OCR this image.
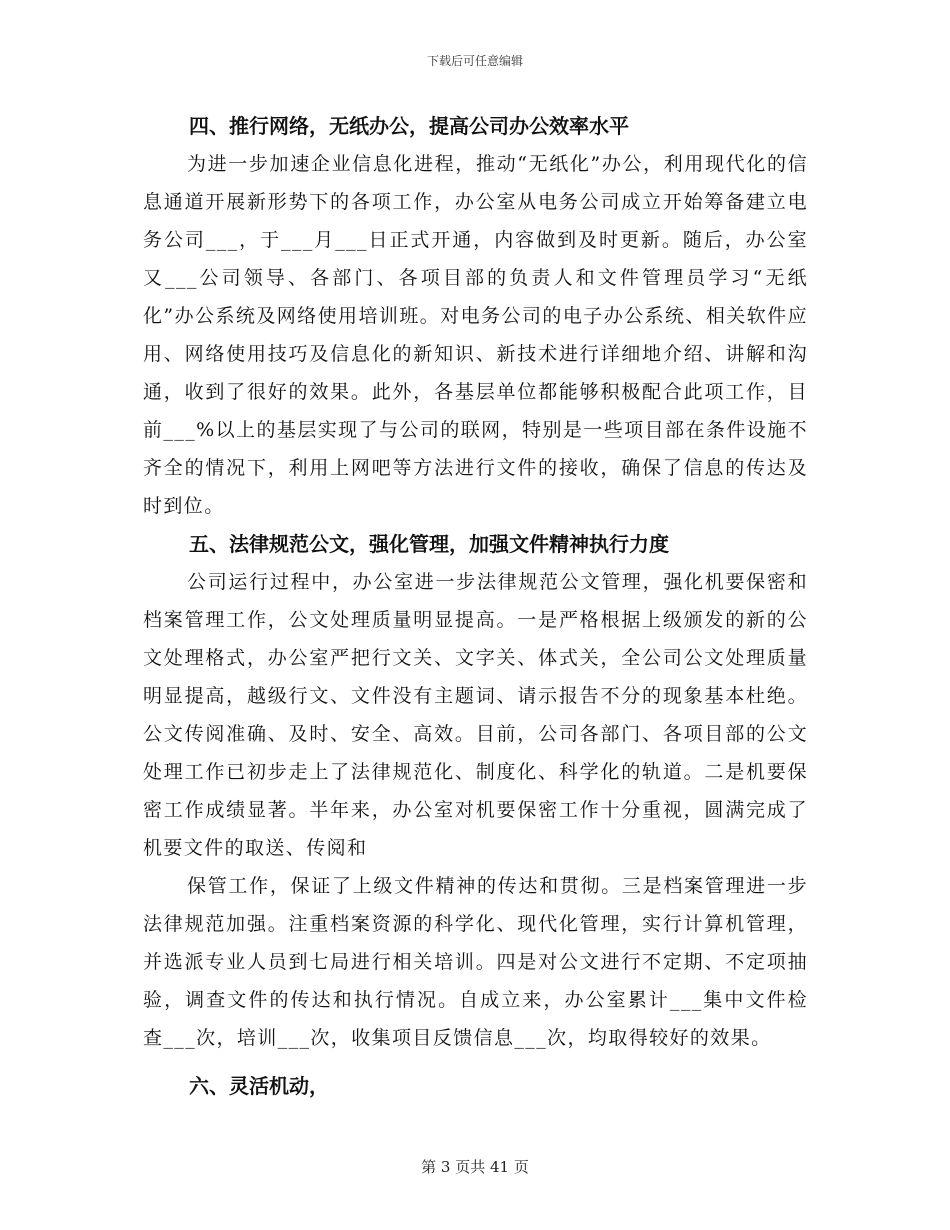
下载后可任意编辑
四、推行网络，无纸办公，提高公司办公效率水平

为进一步加速企业信息化进程，推动“无纸化”办公，利用现代化的信息通道开展新形势下的各项工作，办公室从电务公司成立开始筹备建立电务公司___，于___月___日正式开通，内容做到及时更新。随后，办公室又___公司领导、各部门、各项目部的负责人和文件管理员学习“无纸化”办公系统及网络使用培训班。对电务公司的电子办公系统、相关软件应用、网络使用技巧及信息化的新知识、新技术进行详细地介绍、讲解和沟通，收到了很好的效果。此外，各基层单位都能够积极配合此项工作，目前___%以上的基层实现了与公司的联网，特别是一些项目部在条件设施不齐全的情况下，利用上网吧等方法进行文件的接收，确保了信息的传达及时到位。

五、法律规范公文，强化管理，加强文件精神执行力度

公司运行过程中，办公室进一步法律规范公文管理，强化机要保密和档案管理工作，公文处理质量明显提高。一是严格根据上级颁发的新的公文处理格式，办公室严把行文关、文字关、体式关，全公司公文处理质量明显提高，越级行文、文件没有主题词、请示报告不分的现象基本杜绝。公文传阅准确、及时、安全、高效。目前，公司各部门、各项目部的公文处理工作已初步走上了法律规范化、制度化、科学化的轨道。二是机要保密工作成绩显著。半年来，办公室对机要保密工作十分重视，圆满完成了机要文件的取送、传阅和

保管工作，保证了上级文件精神的传达和贯彻。三是档案管理进一步法律规范加强。注重档案资源的科学化、现代化管理，实行计算机管理，并选派专业人员到七局进行相关培训。四是对公文进行不定期、不定项抽验，调查文件的传达和执行情况。自成立来，办公室累计___集中文件检查___次，培训___次，收集项目反馈信息___次，均取得较好的效果。

六、灵活机动，
第 3 页共 41 页
